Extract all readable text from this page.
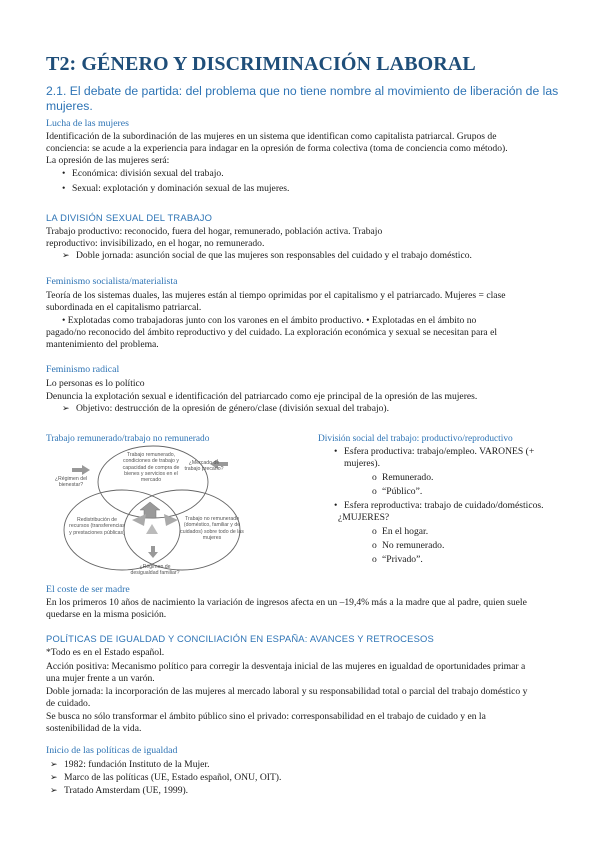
T2: GÉNERO Y DISCRIMINACIÓN LABORAL
2.1. El debate de partida: del problema que no tiene nombre al movimiento de liberación de las
mujeres.
Lucha de las mujeres
Identificación de la subordinación de las mujeres en un sistema que identifican como capitalista patriarcal. Grupos de
conciencia: se acude a la experiencia para indagar en la opresión de forma colectiva (toma de conciencia como método).
La opresión de las mujeres será:
• Económica: división sexual del trabajo.
• Sexual: explotación y dominación sexual de las mujeres.
LA DIVISIÓN SEXUAL DEL TRABAJO
Trabajo productivo: reconocido, fuera del hogar, remunerado, población activa. Trabajo
reproductivo: invisibilizado, en el hogar, no remunerado.
➢ Doble jornada: asunción social de que las mujeres son responsables del cuidado y el trabajo doméstico.
Feminismo socialista/materialista
Teoría de los sistemas duales, las mujeres están al tiempo oprimidas por el capitalismo y el patriarcado. Mujeres = clase
subordinada en el capitalismo patriarcal.
• Explotadas como trabajadoras junto con los varones en el ámbito productivo. • Explotadas en el ámbito no
pagado/no reconocido del ámbito reproductivo y del cuidado. La exploración económica y sexual se necesitan para el
mantenimiento del problema.
Feminismo radical
Lo personas es lo político
Denuncia la explotación sexual e identificación del patriarcado como eje principal de la opresión de las mujeres.
➢ Objetivo: destrucción de la opresión de género/clase (división sexual del trabajo).
Trabajo remunerado/trabajo no remunerado
Trabajo remunerado, condiciones de trabajo y capacidad de compra de bienes y servicios en el mercado
¿Mercado de trabajo precario?
¿Régimen del bienestar?
Redistribución de recursos (transferencias y prestaciones públicas)
Trabajo no remunerado (doméstico, familiar y de cuidados) sobre todo de las mujeres
¿Régimen de desigualdad familiar?
División social del trabajo: productivo/reproductivo
• Esfera productiva: trabajo/empleo. VARONES (+
mujeres).
o Remunerado.
o “Público”.
• Esfera reproductiva: trabajo de cuidado/domésticos.
¿MUJERES?
o En el hogar.
o No remunerado.
o “Privado”.
El coste de ser madre
En los primeros 10 años de nacimiento la variación de ingresos afecta en un –19,4% más a la madre que al padre, quien suele
quedarse en la misma posición.
POLÍTICAS DE IGUALDAD Y CONCILIACIÓN EN ESPAÑA: AVANCES Y RETROCESOS
*Todo es en el Estado español.
Acción positiva: Mecanismo político para corregir la desventaja inicial de las mujeres en igualdad de oportunidades primar a
una mujer frente a un varón.
Doble jornada: la incorporación de las mujeres al mercado laboral y su responsabilidad total o parcial del trabajo doméstico y
de cuidado.
Se busca no sólo transformar el ámbito público sino el privado: corresponsabilidad en el trabajo de cuidado y en la
sostenibilidad de la vida.
Inicio de las políticas de igualdad
➢ 1982: fundación Instituto de la Mujer.
➢ Marco de las políticas (UE, Estado español, ONU, OIT).
➢ Tratado Amsterdam (UE, 1999).
